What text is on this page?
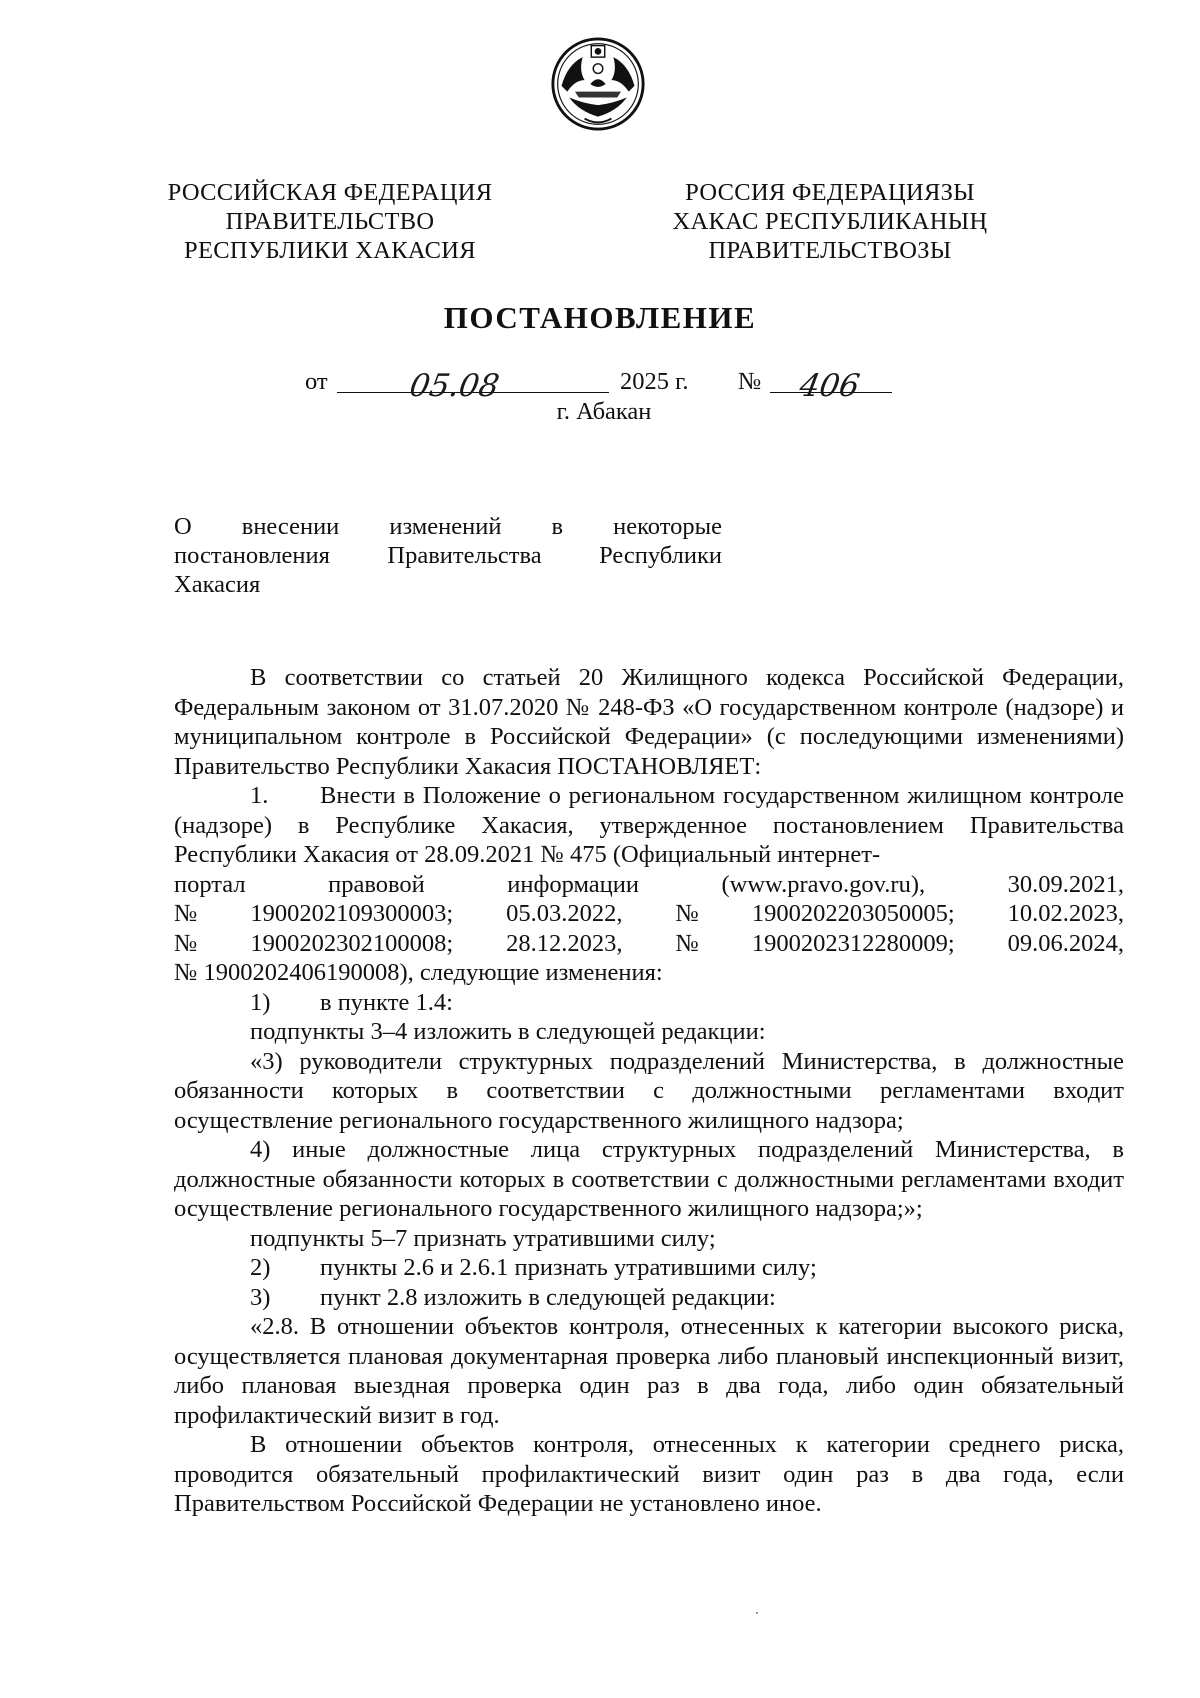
РОССИЙСКАЯ ФЕДЕРАЦИЯ
ПРАВИТЕЛЬСТВО
РЕСПУБЛИКИ ХАКАСИЯ
РОССИЯ ФЕДЕРАЦИЯЗЫ
ХАКАС РЕСПУБЛИКАНЫҢ
ПРАВИТЕЛЬСТВОЗЫ
ПОСТАНОВЛЕНИЕ
от	05.08	2025 г. № 406
г. Абакан
О внесении изменений в некоторые
постановления Правительства Республики
Хакасия
В соответствии со статьей 20 Жилищного кодекса Российской Федерации, Федеральным законом от 31.07.2020 № 248-ФЗ «О государственном контроле (надзоре) и муниципальном контроле в Российской Федерации» (с последующими изменениями) Правительство Республики Хакасия ПОСТАНОВЛЯЕТ:
1. Внести в Положение о региональном государственном жилищном контроле (надзоре) в Республике Хакасия, утвержденное постановлением Правительства Республики Хакасия от 28.09.2021 № 475 (Официальный интернет-
портал	правовой	информации	(www.pravo.gov.ru),	30.09.2021,
№ 1900202109300003; 05.03.2022, № 1900202203050005; 10.02.2023,
№ 1900202302100008; 28.12.2023, № 1900202312280009; 09.06.2024,
№ 1900202406190008), следующие изменения:
1)	в пункте 1.4:
подпункты 3–4 изложить в следующей редакции:
«3) руководители структурных подразделений Министерства, в должностные обязанности которых в соответствии с должностными регламентами входит осуществление регионального государственного жилищного надзора;
4) иные должностные лица структурных подразделений Министерства, в должностные обязанности которых в соответствии с должностными регламентами входит осуществление регионального государственного жилищного надзора;»;
подпункты 5–7 признать утратившими силу;
2)	пункты 2.6 и 2.6.1 признать утратившими силу;
3)	пункт 2.8 изложить в следующей редакции:
«2.8. В отношении объектов контроля, отнесенных к категории высокого риска, осуществляется плановая документарная проверка либо плановый инспекционный визит, либо плановая выездная проверка один раз в два года, либо один обязательный профилактический визит в год.
В отношении объектов контроля, отнесенных к категории среднего риска, проводится обязательный профилактический визит один раз в два года, если Правительством Российской Федерации не установлено иное.
